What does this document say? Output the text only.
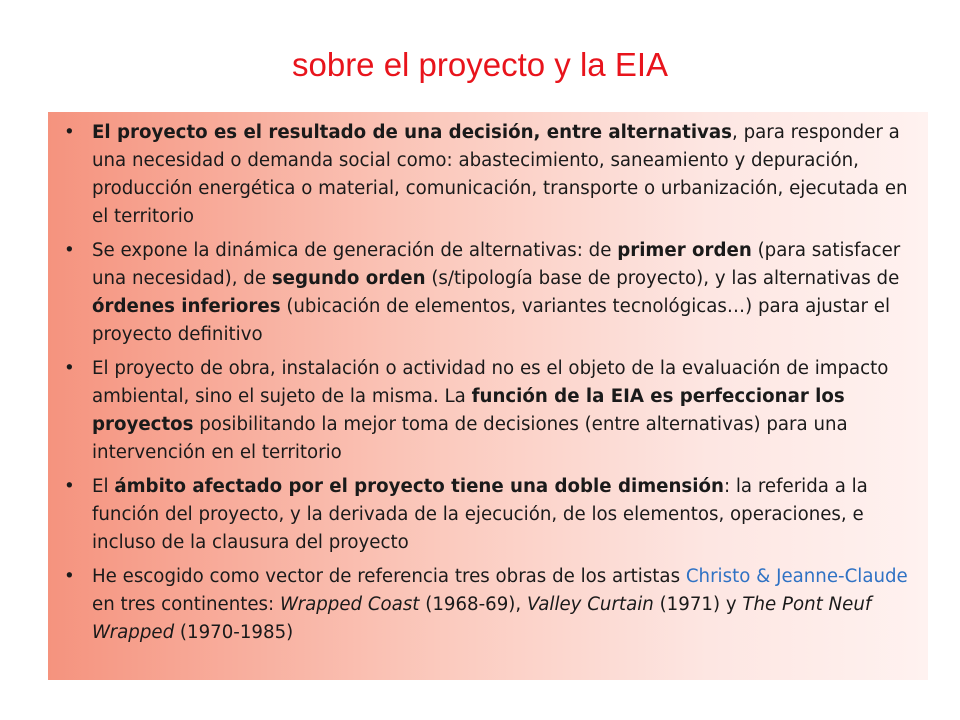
sobre el proyecto y la EIA
• El proyecto es el resultado de una decisión, entre alternativas, para responder a una necesidad o demanda social como: abastecimiento, saneamiento y depuración, producción energética o material, comunicación, transporte o urbanización, ejecutada en el territorio
• Se expone la dinámica de generación de alternativas: de primer orden (para satisfacer una necesidad), de segundo orden (s/tipología base de proyecto), y las alternativas de órdenes inferiores (ubicación de elementos, variantes tecnológicas…) para ajustar el proyecto definitivo
• El proyecto de obra, instalación o actividad no es el objeto de la evaluación de impacto ambiental, sino el sujeto de la misma. La función de la EIA es perfeccionar los proyectos posibilitando la mejor toma de decisiones (entre alternativas) para una intervención en el territorio
• El ámbito afectado por el proyecto tiene una doble dimensión: la referida a la función del proyecto, y la derivada de la ejecución, de los elementos, operaciones, e incluso de la clausura del proyecto
• He escogido como vector de referencia tres obras de los artistas Christo & Jeanne-Claude en tres continentes: Wrapped Coast (1968-69), Valley Curtain (1971) y The Pont Neuf Wrapped (1970-1985)
